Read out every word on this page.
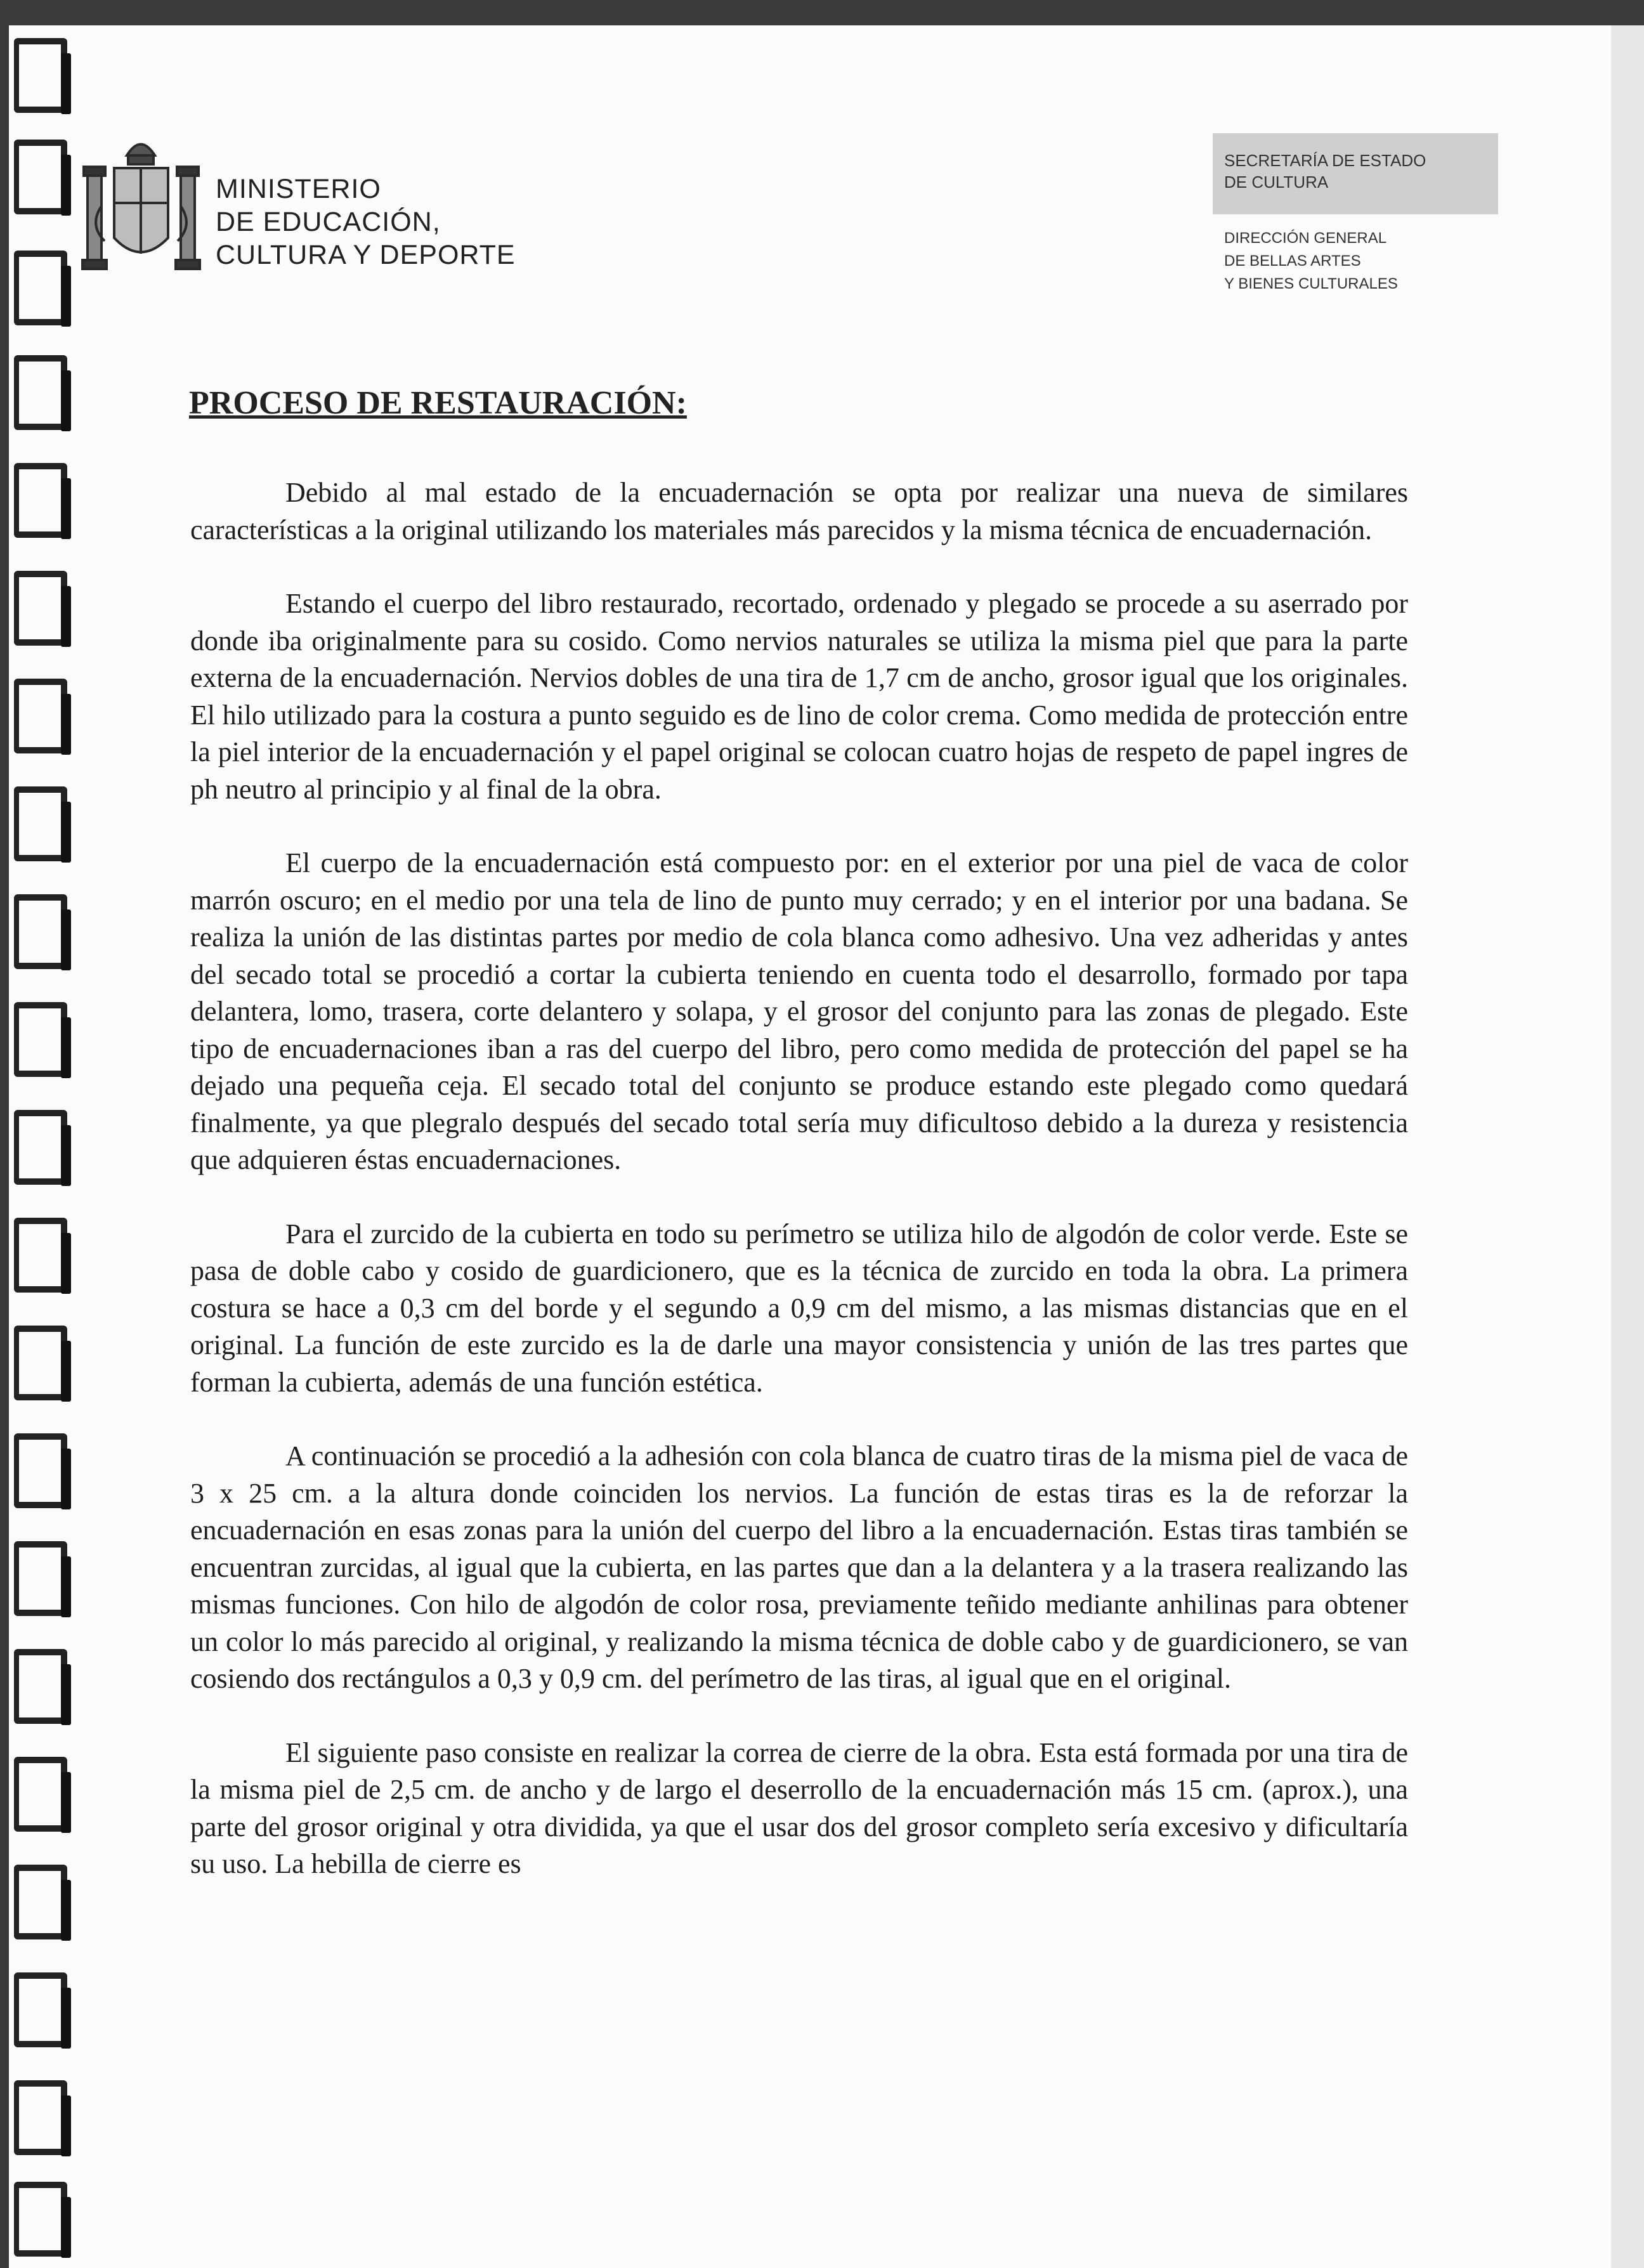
MINISTERIO
DE EDUCACIÓN,
CULTURA Y DEPORTE
SECRETARÍA DE ESTADO
DE CULTURA
DIRECCIÓN GENERAL
DE BELLAS ARTES
Y BIENES CULTURALES
PROCESO DE RESTAURACIÓN:

Debido al mal estado de la encuadernación se opta por realizar una nueva de similares características a la original utilizando los materiales más parecidos y la misma técnica de encuadernación.

Estando el cuerpo del libro restaurado, recortado, ordenado y plegado se procede a su aserrado por donde iba originalmente para su cosido. Como nervios naturales se utiliza la misma piel que para la parte externa de la encuadernación. Nervios dobles de una tira de 1,7 cm de ancho, grosor igual que los originales. El hilo utilizado para la costura a punto seguido es de lino de color crema. Como medida de protección entre la piel interior de la encuadernación y el papel original se colocan cuatro hojas de respeto de papel ingres de ph neutro al principio y al final de la obra.

El cuerpo de la encuadernación está compuesto por: en el exterior por una piel de vaca de color marrón oscuro; en el medio por una tela de lino de punto muy cerrado; y en el interior por una badana. Se realiza la unión de las distintas partes por medio de cola blanca como adhesivo. Una vez adheridas y antes del secado total se procedió a cortar la cubierta teniendo en cuenta todo el desarrollo, formado por tapa delantera, lomo, trasera, corte delantero y solapa, y el grosor del conjunto para las zonas de plegado. Este tipo de encuadernaciones iban a ras del cuerpo del libro, pero como medida de protección del papel se ha dejado una pequeña ceja. El secado total del conjunto se produce estando este plegado como quedará finalmente, ya que plegralo después del secado total sería muy dificultoso debido a la dureza y resistencia que adquieren éstas encuadernaciones.

Para el zurcido de la cubierta en todo su perímetro se utiliza hilo de algodón de color verde. Este se pasa de doble cabo y cosido de guardicionero, que es la técnica de zurcido en toda la obra. La primera costura se hace a 0,3 cm del borde y el segundo a 0,9 cm del mismo, a las mismas distancias que en el original. La función de este zurcido es la de darle una mayor consistencia y unión de las tres partes que forman la cubierta, además de una función estética.

A continuación se procedió a la adhesión con cola blanca de cuatro tiras de la misma piel de vaca de 3 x 25 cm. a la altura donde coinciden los nervios. La función de estas tiras es la de reforzar la encuadernación en esas zonas para la unión del cuerpo del libro a la encuadernación. Estas tiras también se encuentran zurcidas, al igual que la cubierta, en las partes que dan a la delantera y a la trasera realizando las mismas funciones. Con hilo de algodón de color rosa, previamente teñido mediante anhilinas para obtener un color lo más parecido al original, y realizando la misma técnica de doble cabo y de guardicionero, se van cosiendo dos rectángulos a 0,3 y 0,9 cm. del perímetro de las tiras, al igual que en el original.

El siguiente paso consiste en realizar la correa de cierre de la obra. Esta está formada por una tira de la misma piel de 2,5 cm. de ancho y de largo el deserrollo de la encuadernación más 15 cm. (aprox.), una parte del grosor original y otra dividida, ya que el usar dos del grosor completo sería excesivo y dificultaría su uso. La hebilla de cierre es
